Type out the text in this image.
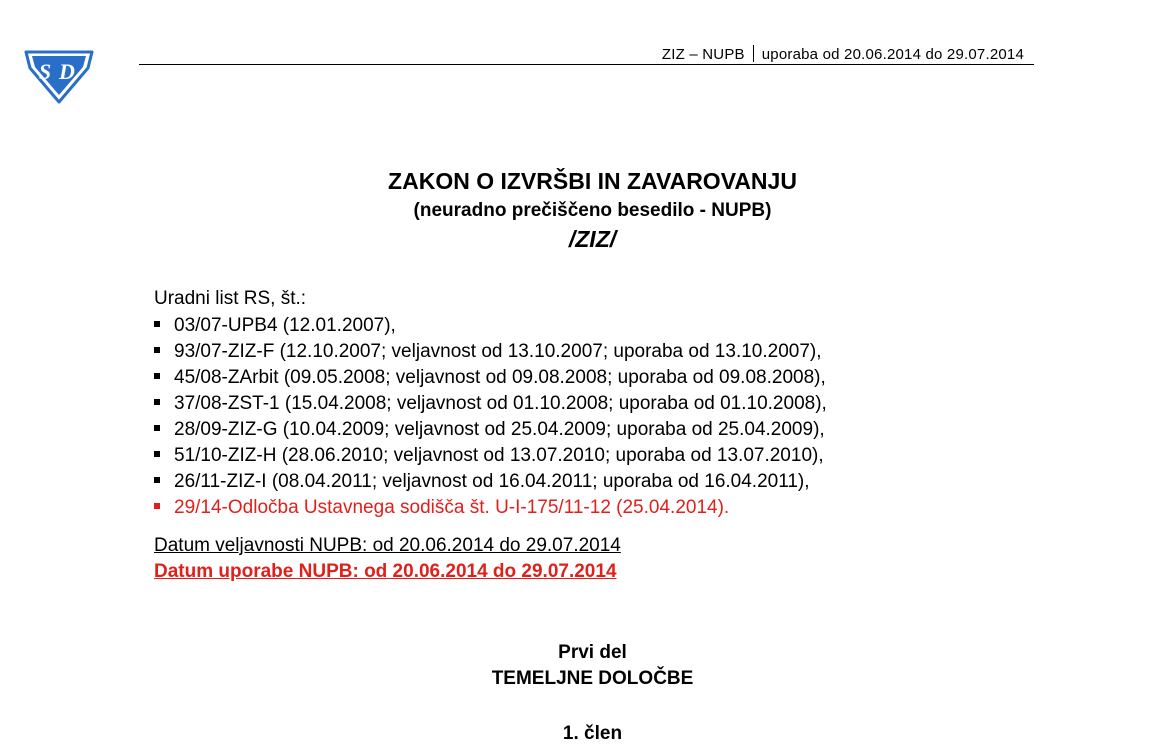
S D
ZIZ – NUPB uporaba od 20.06.2014 do 29.07.2014
ZAKON O IZVRŠBI IN ZAVAROVANJU
(neuradno prečiščeno besedilo - NUPB)
/ZIZ/
Uradni list RS, št.:
03/07-UPB4 (12.01.2007),
93/07-ZIZ-F (12.10.2007; veljavnost od 13.10.2007; uporaba od 13.10.2007),
45/08-ZArbit (09.05.2008; veljavnost od 09.08.2008; uporaba od 09.08.2008),
37/08-ZST-1 (15.04.2008; veljavnost od 01.10.2008; uporaba od 01.10.2008),
28/09-ZIZ-G (10.04.2009; veljavnost od 25.04.2009; uporaba od 25.04.2009),
51/10-ZIZ-H (28.06.2010; veljavnost od 13.07.2010; uporaba od 13.07.2010),
26/11-ZIZ-I (08.04.2011; veljavnost od 16.04.2011; uporaba od 16.04.2011),
29/14-Odločba Ustavnega sodišča št. U-I-175/11-12 (25.04.2014).
Datum veljavnosti NUPB: od 20.06.2014 do 29.07.2014
Datum uporabe NUPB: od 20.06.2014 do 29.07.2014
Prvi del
TEMELJNE DOLOČBE
1. člen
